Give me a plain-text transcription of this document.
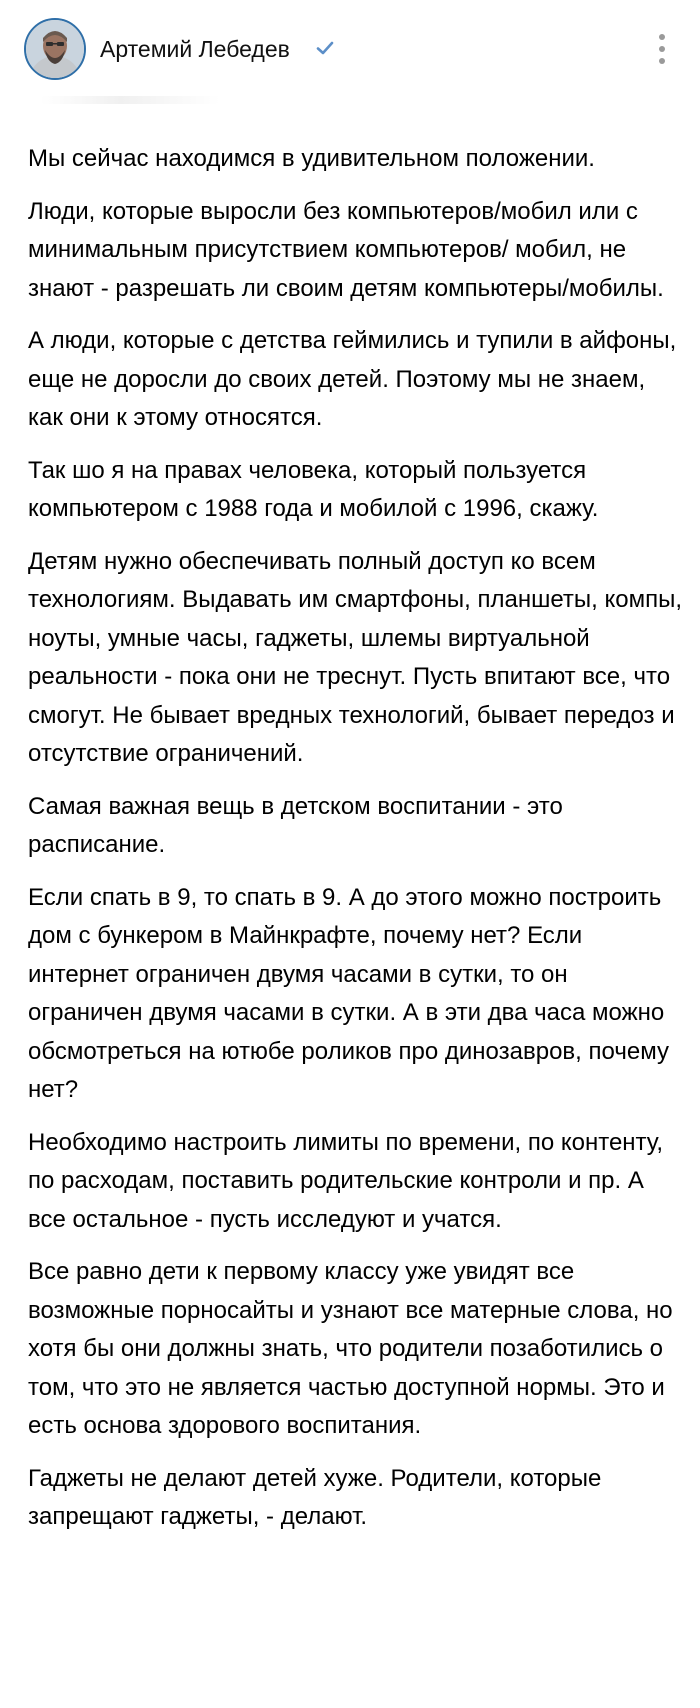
Артемий Лебедев

Мы сейчас находимся в удивительном положении.

Люди, которые выросли без компьютеров/мобил или с минимальным присутствием компьютеров/ мобил, не знают - разрешать ли своим детям компьютеры/мобилы.

А люди, которые с детства геймились и тупили в айфоны, еще не доросли до своих детей. Поэтому мы не знаем, как они к этому относятся.

Так шо я на правах человека, который пользуется компьютером с 1988 года и мобилой с 1996, скажу.

Детям нужно обеспечивать полный доступ ко всем технологиям. Выдавать им смартфоны, планшеты, компы, ноуты, умные часы, гаджеты, шлемы виртуальной реальности - пока они не треснут. Пусть впитают все, что смогут. Не бывает вредных технологий, бывает передоз и отсутствие ограничений.

Самая важная вещь в детском воспитании - это расписание.

Если спать в 9, то спать в 9. А до этого можно построить дом с бункером в Майнкрафте, почему нет? Если интернет ограничен двумя часами в сутки, то он ограничен двумя часами в сутки. А в эти два часа можно обсмотреться на ютюбе роликов про динозавров, почему нет?

Необходимо настроить лимиты по времени, по контенту, по расходам, поставить родительские контроли и пр. А все остальное - пусть исследуют и учатся.

Все равно дети к первому классу уже увидят все возможные порносайты и узнают все матерные слова, но хотя бы они должны знать, что родители позаботились о том, что это не является частью доступной нормы. Это и есть основа здорового воспитания.

Гаджеты не делают детей хуже. Родители, которые запрещают гаджеты, - делают.
